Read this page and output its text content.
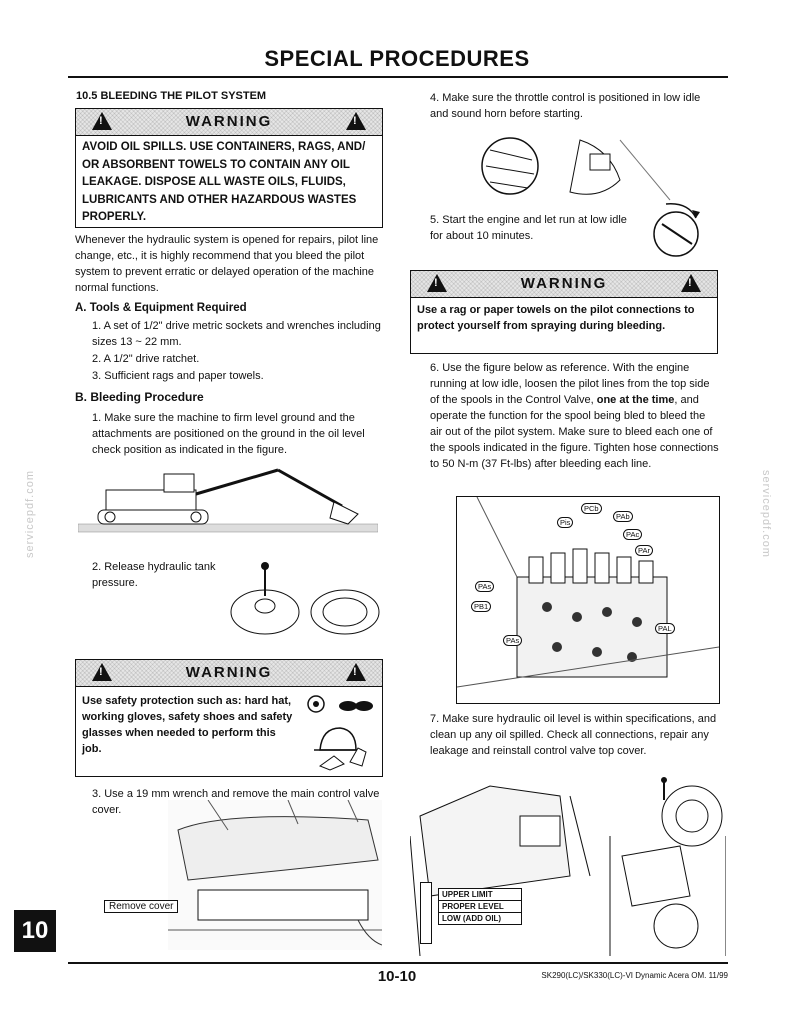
SPECIAL PROCEDURES
servicepdf.com	servicepdf.com
10.5 BLEEDING THE PILOT SYSTEM
!
WARNING
!
AVOID OIL SPILLS. USE CONTAINERS, RAGS, AND/ OR ABSORBENT TOWELS TO CONTAIN ANY OIL LEAKAGE. DISPOSE ALL WASTE OILS, FLUIDS, LUBRICANTS AND OTHER HAZARDOUS WASTES PROPERLY.
Whenever the hydraulic system is opened for repairs, pilot line change, etc., it is highly recommend that you bleed the pilot system to prevent erratic or delayed operation of the machine normal functions.
A. Tools & Equipment Required
1. A set of 1/2" drive metric sockets and wrenches including sizes 13 ~ 22 mm.
2. A 1/2" drive ratchet.
3. Sufficient rags and paper towels.
B. Bleeding Procedure
1. Make sure the machine to firm level ground and the attachments are positioned on the ground in the oil level check position as indicated in the figure.
2. Release hydraulic tank pressure.
!
WARNING
!
Use safety protection such as: hard hat, working gloves, safety shoes and safety glasses when needed to perform this job.
3. Use a 19 mm wrench and remove the main control valve cover.
Remove cover
4. Make sure the throttle control is positioned in low idle and sound horn before starting.
5. Start the engine and let run at low idle for about 10 minutes.
!
WARNING
!
Use a rag or paper towels on the pilot connections to protect yourself from spraying during bleeding.
6. Use the figure below as reference. With the engine running at low idle, loosen the pilot lines from the top side of the spools in the Control Valve, one at the time, and operate the function for the spool being bled to bleed the air out of the pilot system. Make sure to bleed each one of the spools indicated in the figure. Tighten hose connections to 50 N-m (37 Ft-lbs) after bleeding each line.
PCb
Pis
PAb
PAc
PAr
PAs
PB1
PAs
PAL
7. Make sure hydraulic oil level is within specifications, and clean up any oil spilled. Check all connections, repair any leakage and reinstall control valve top cover.
UPPER LIMIT
PROPER LEVEL
LOW (ADD OIL)
10-10	SK290(LC)/SK330(LC)-VI Dynamic Acera OM. 11/99
10
